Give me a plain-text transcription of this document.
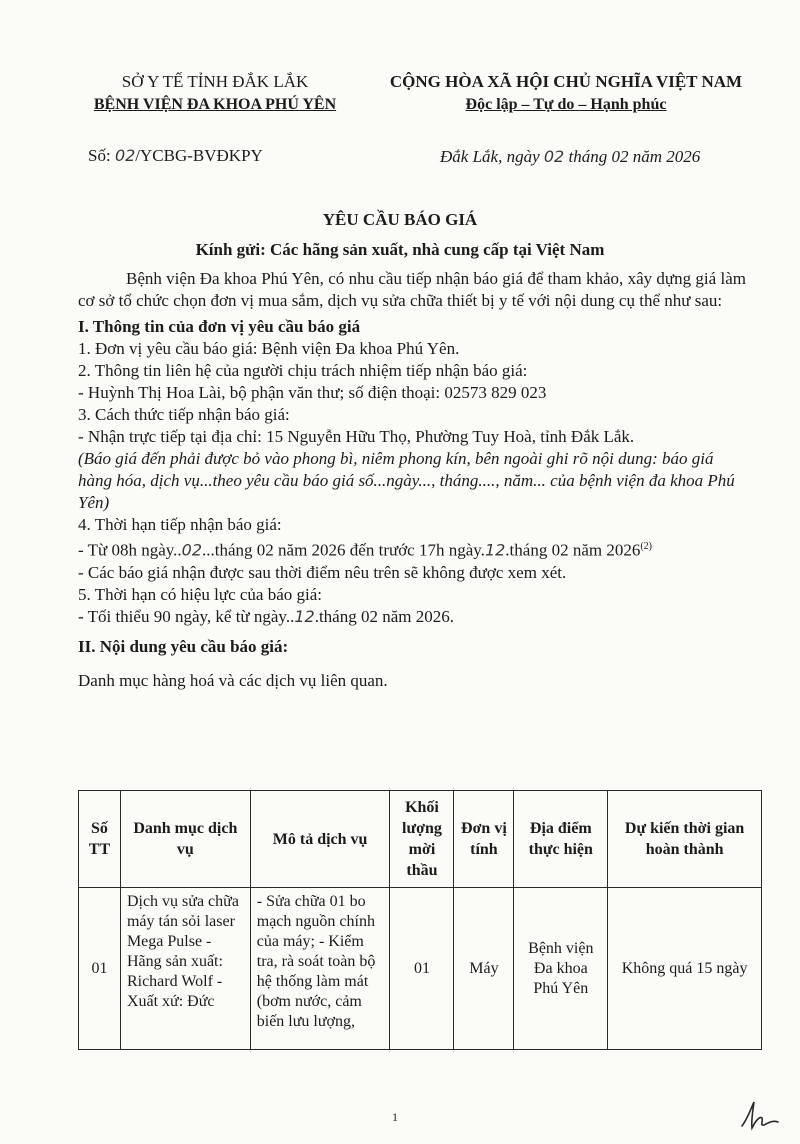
SỞ Y TẾ TỈNH ĐẮK LẮK
BỆNH VIỆN ĐA KHOA PHÚ YÊN
CỘNG HÒA XÃ HỘI CHỦ NGHĨA VIỆT NAM
Độc lập – Tự do – Hạnh phúc
Số: 02/YCBG-BVĐKPY	Đắk Lắk, ngày 02 tháng 02 năm 2026
YÊU CẦU BÁO GIÁ
Kính gửi: Các hãng sản xuất, nhà cung cấp tại Việt Nam

Bệnh viện Đa khoa Phú Yên, có nhu cầu tiếp nhận báo giá để tham khảo, xây dựng giá làm cơ sở tổ chức chọn đơn vị mua sắm, dịch vụ sửa chữa thiết bị y tế với nội dung cụ thể như sau:

I. Thông tin của đơn vị yêu cầu báo giá

1. Đơn vị yêu cầu báo giá: Bệnh viện Đa khoa Phú Yên.

2. Thông tin liên hệ của người chịu trách nhiệm tiếp nhận báo giá:

- Huỳnh Thị Hoa Lài, bộ phận văn thư; số điện thoại: 02573 829 023

3. Cách thức tiếp nhận báo giá:

- Nhận trực tiếp tại địa chỉ: 15 Nguyễn Hữu Thọ, Phường Tuy Hoà, tỉnh Đắk Lắk.

(Báo giá đến phải được bỏ vào phong bì, niêm phong kín, bên ngoài ghi rõ nội dung: báo giá hàng hóa, dịch vụ...theo yêu cầu báo giá số...ngày..., tháng...., năm... của bệnh viện đa khoa Phú Yên)

4. Thời hạn tiếp nhận báo giá:

- Từ 08h ngày..02...tháng 02 năm 2026 đến trước 17h ngày.12.tháng 02 năm 2026$^{(2)}$

- Các báo giá nhận được sau thời điểm nêu trên sẽ không được xem xét.

5. Thời hạn có hiệu lực của báo giá:

- Tối thiểu 90 ngày, kể từ ngày..12.tháng 02 năm 2026.

II. Nội dung yêu cầu báo giá:

Danh mục hàng hoá và các dịch vụ liên quan.

Số TT	Danh mục dịch vụ	Mô tả dịch vụ	Khối lượng mời thầu	Đơn vị tính	Địa điểm thực hiện	Dự kiến thời gian hoàn thành
01	Dịch vụ sửa chữa máy tán sỏi laser Mega Pulse -Hãng sản xuất: Richard Wolf -Xuất xứ: Đức	- Sửa chữa 01 bo mạch nguồn chính của máy; - Kiểm tra, rà soát toàn bộ hệ thống làm mát (bơm nước, cảm biến lưu lượng,	01	Máy	Bệnh viện Đa khoa Phú Yên	Không quá 15 ngày
1
